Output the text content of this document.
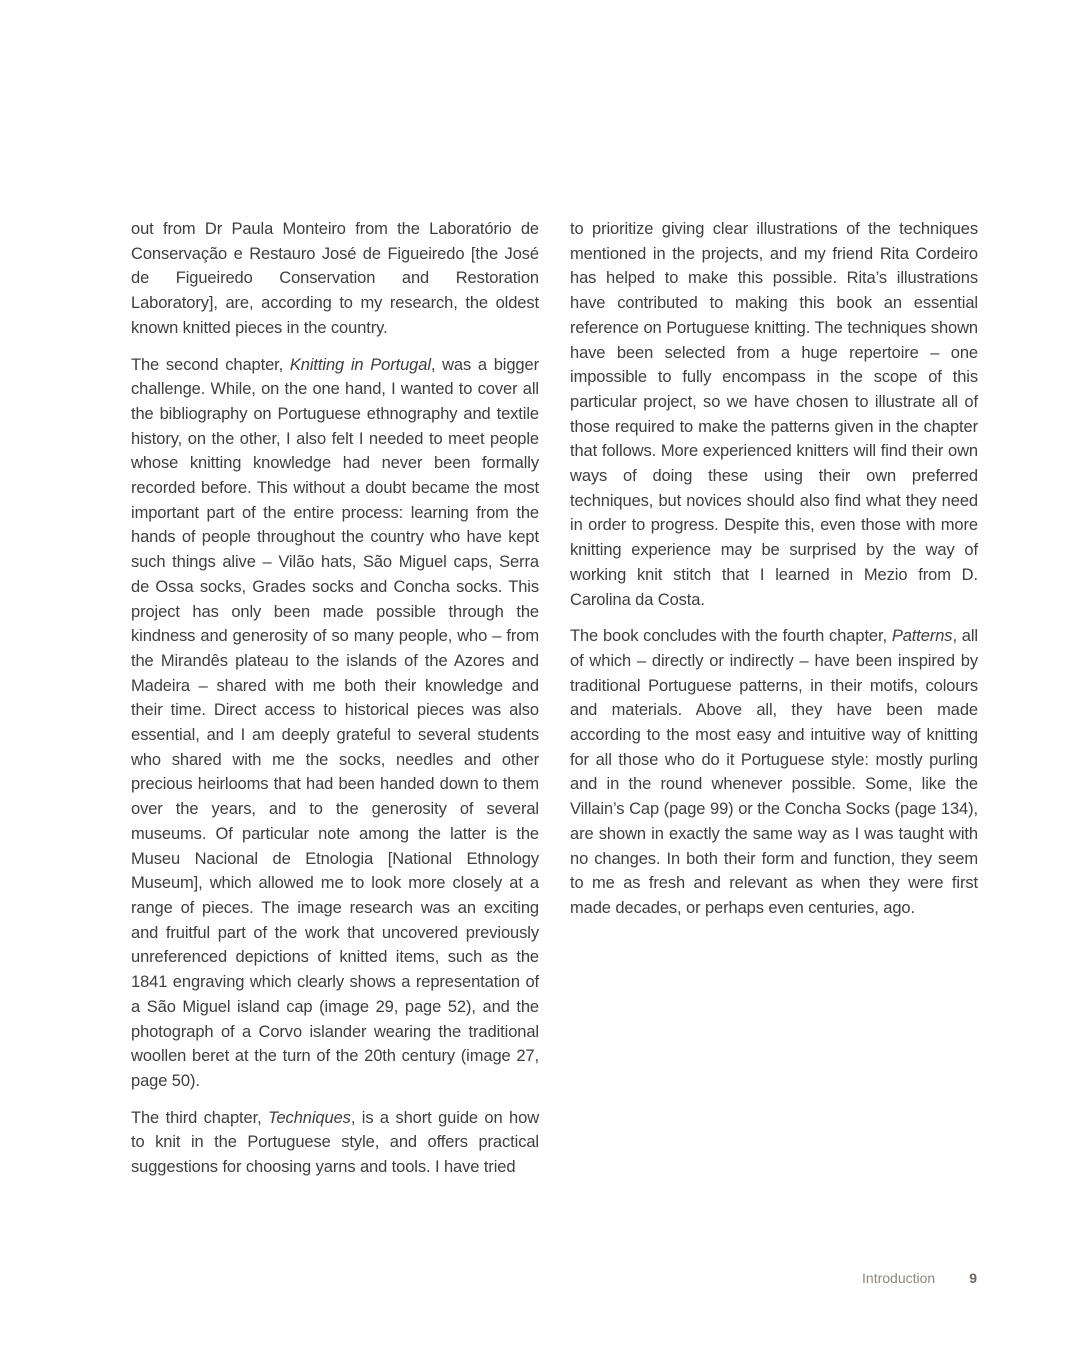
out from Dr Paula Monteiro from the Laboratório de Conservação e Restauro José de Figueiredo [the José de Figueiredo Conservation and Restoration Laboratory], are, according to my research, the oldest known knitted pieces in the country.

The second chapter, Knitting in Portugal, was a bigger challenge. While, on the one hand, I wanted to cover all the bibliography on Portuguese ethnography and textile history, on the other, I also felt I needed to meet people whose knitting knowledge had never been formally recorded before. This without a doubt became the most important part of the entire process: learning from the hands of people throughout the country who have kept such things alive – Vilão hats, São Miguel caps, Serra de Ossa socks, Grades socks and Concha socks. This project has only been made possible through the kindness and generosity of so many people, who – from the Mirandês plateau to the islands of the Azores and Madeira – shared with me both their knowledge and their time. Direct access to historical pieces was also essential, and I am deeply grateful to several students who shared with me the socks, needles and other precious heirlooms that had been handed down to them over the years, and to the generosity of several museums. Of particular note among the latter is the Museu Nacional de Etnologia [National Ethnology Museum], which allowed me to look more closely at a range of pieces. The image research was an exciting and fruitful part of the work that uncovered previously unreferenced depictions of knitted items, such as the 1841 engraving which clearly shows a representation of a São Miguel island cap (image 29, page 52), and the photograph of a Corvo islander wearing the traditional woollen beret at the turn of the 20th century (image 27, page 50).

The third chapter, Techniques, is a short guide on how to knit in the Portuguese style, and offers practical suggestions for choosing yarns and tools. I have tried

to prioritize giving clear illustrations of the techniques mentioned in the projects, and my friend Rita Cordeiro has helped to make this possible. Rita’s illustrations have contributed to making this book an essential reference on Portuguese knitting. The techniques shown have been selected from a huge repertoire – one impossible to fully encompass in the scope of this particular project, so we have chosen to illustrate all of those required to make the patterns given in the chapter that follows. More experienced knitters will find their own ways of doing these using their own preferred techniques, but novices should also find what they need in order to progress. Despite this, even those with more knitting experience may be surprised by the way of working knit stitch that I learned in Mezio from D. Carolina da Costa.

The book concludes with the fourth chapter, Patterns, all of which – directly or indirectly – have been inspired by traditional Portuguese patterns, in their motifs, colours and materials. Above all, they have been made according to the most easy and intuitive way of knitting for all those who do it Portuguese style: mostly purling and in the round whenever possible. Some, like the Villain’s Cap (page 99) or the Concha Socks (page 134), are shown in exactly the same way as I was taught with no changes. In both their form and function, they seem to me as fresh and relevant as when they were first made decades, or perhaps even centuries, ago.

Introduction 9
